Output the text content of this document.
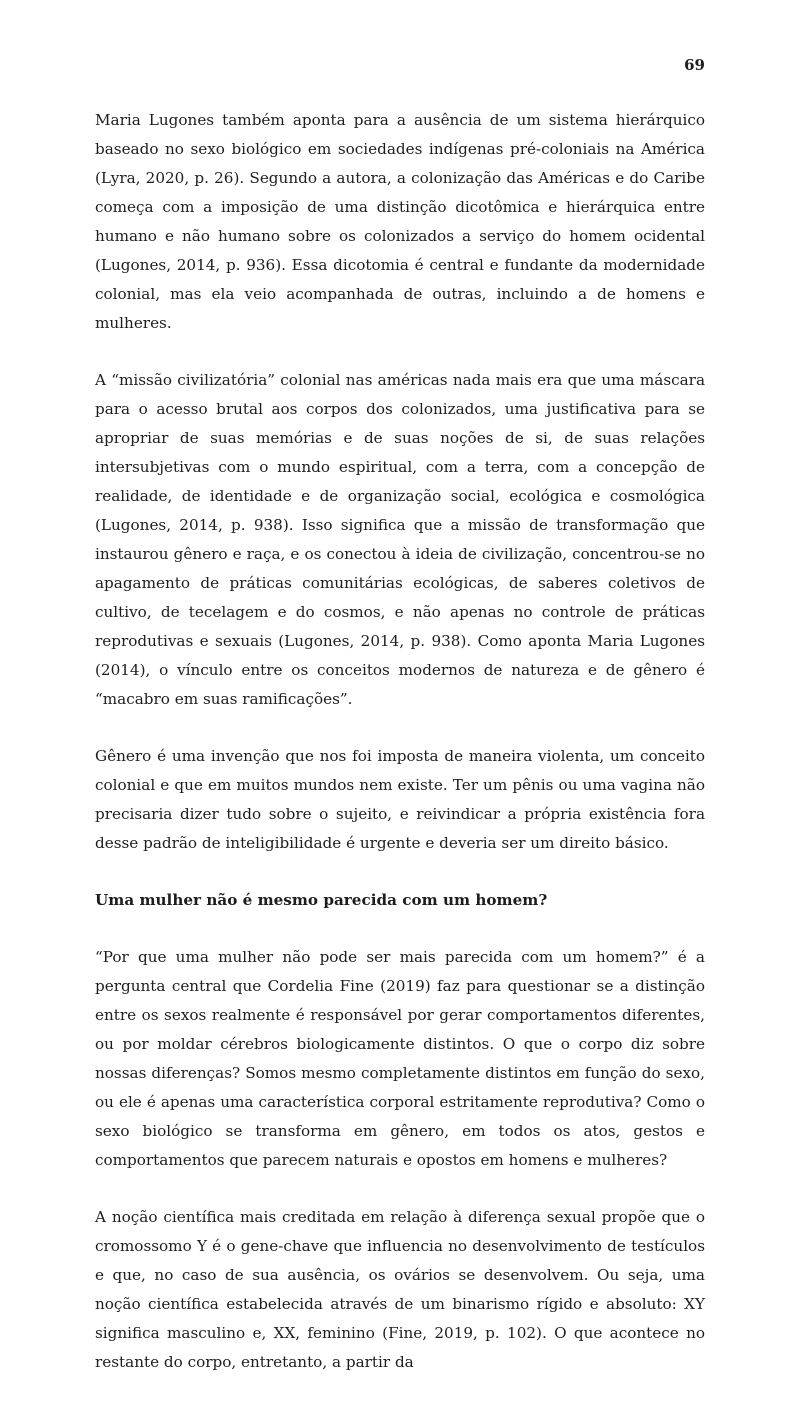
69

Maria Lugones também aponta para a ausência de um sistema hierárquico baseado no sexo biológico em sociedades indígenas pré-coloniais na América (Lyra, 2020, p. 26). Segundo a autora, a colonização das Américas e do Caribe começa com a imposição de uma distinção dicotômica e hierárquica entre humano e não humano sobre os colonizados a serviço do homem ocidental (Lugones, 2014, p. 936). Essa dicotomia é central e fundante da modernidade colonial, mas ela veio acompanhada de outras, incluindo a de homens e mulheres.

A “missão civilizatória” colonial nas américas nada mais era que uma máscara para o acesso brutal aos corpos dos colonizados, uma justificativa para se apropriar de suas memórias e de suas noções de si, de suas relações intersubjetivas com o mundo espiritual, com a terra, com a concepção de realidade, de identidade e de organização social, ecológica e cosmológica (Lugones, 2014, p. 938). Isso significa que a missão de transformação que instaurou gênero e raça, e os conectou à ideia de civilização, concentrou-se no apagamento de práticas comunitárias ecológicas, de saberes coletivos de cultivo, de tecelagem e do cosmos, e não apenas no controle de práticas reprodutivas e sexuais (Lugones, 2014, p. 938). Como aponta Maria Lugones (2014), o vínculo entre os conceitos modernos de natureza e de gênero é “macabro em suas ramificações”.

Gênero é uma invenção que nos foi imposta de maneira violenta, um conceito colonial e que em muitos mundos nem existe. Ter um pênis ou uma vagina não precisaria dizer tudo sobre o sujeito, e reivindicar a própria existência fora desse padrão de inteligibilidade é urgente e deveria ser um direito básico.

Uma mulher não é mesmo parecida com um homem?

“Por que uma mulher não pode ser mais parecida com um homem?” é a pergunta central que Cordelia Fine (2019) faz para questionar se a distinção entre os sexos realmente é responsável por gerar comportamentos diferentes, ou por moldar cérebros biologicamente distintos. O que o corpo diz sobre nossas diferenças? Somos mesmo completamente distintos em função do sexo, ou ele é apenas uma característica corporal estritamente reprodutiva? Como o sexo biológico se transforma em gênero, em todos os atos, gestos e comportamentos que parecem naturais e opostos em homens e mulheres?

A noção científica mais creditada em relação à diferença sexual propõe que o cromossomo Y é o gene-chave que influencia no desenvolvimento de testículos e que, no caso de sua ausência, os ovários se desenvolvem. Ou seja, uma noção científica estabelecida através de um binarismo rígido e absoluto: XY significa masculino e, XX, feminino (Fine, 2019, p. 102). O que acontece no restante do corpo, entretanto, a partir da
